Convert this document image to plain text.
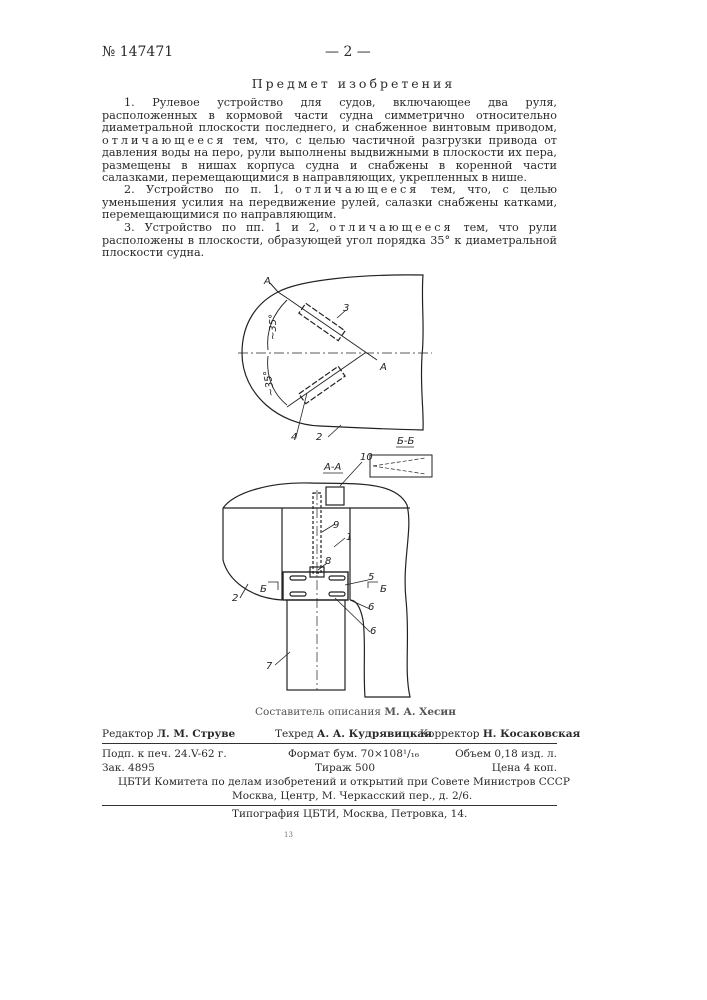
№ 147471	— 2 —
Предмет изобретения

1. Рулевое устройство для судов, включающее два руля, расположенных в кормовой части судна симметрично относительно диаметральной плоскости последнего, и снабженное винтовым приводом, отличающееся тем, что, с целью частичной разгрузки привода от давления воды на перо, рули выполнены выдвижными в плоскости их пера, размещены в нишах корпуса судна и снабжены в коренной части салазками, перемещающимися в направляющих, укрепленных в нише.

2. Устройство по п. 1, отличающееся тем, что, с целью уменьшения усилия на передвижение рулей, салазки снабжены катками, перемещающимися по направляющим.

3. Устройство по пп. 1 и 2, отличающееся тем, что рули расположены в плоскости, образующей угол порядка 35° к диаметральной плоскости судна.

A
A
~35°
~35°
3
4 2	Б-Б
A-A
10
9
1
8
5
Б	Б
6
6
2
7
Составитель описания М. А. Хесин
Редактор Л. М. Струве	Техред А. А. Кудрявицкая
Корректор Н. Косаковская
Подп. к печ. 24.V-62 г.	Формат бум. 70×108¹/₁₆	Объем 0,18 изд. л.
Зак. 4895	Тираж 500	Цена 4 коп.
ЦБТИ Комитета по делам изобретений и открытий при Совете Министров СССР
Москва, Центр, М. Черкасский пер., д. 2/6.
Типография ЦБТИ, Москва, Петровка, 14.
13
